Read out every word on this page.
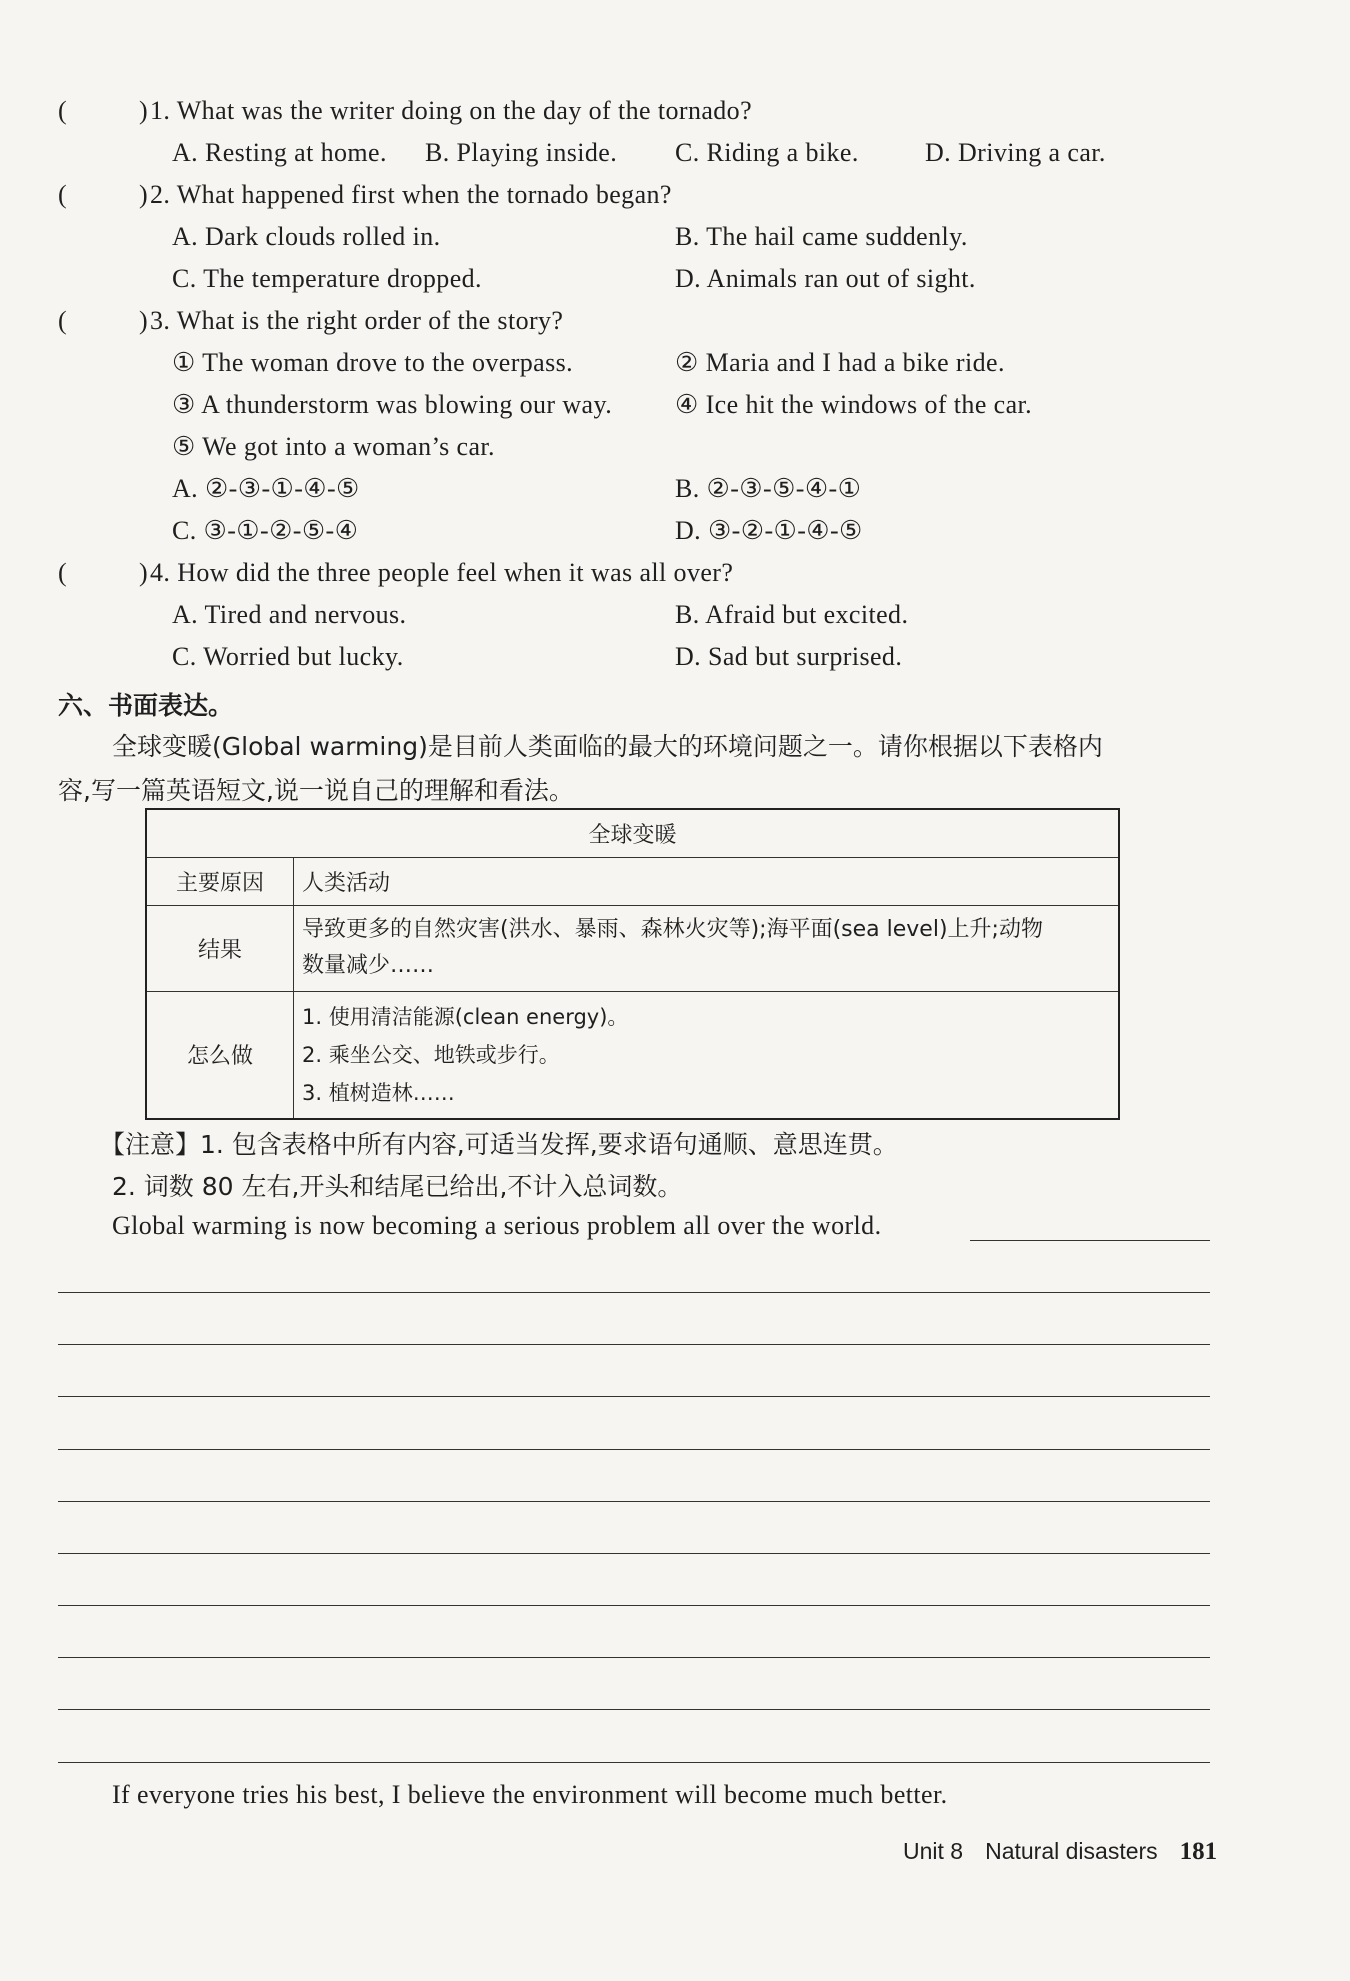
(	) 1. What was the writer doing on the day of the tornado?
A. Resting at home. B. Playing inside. C. Riding a bike.	D. Driving a car.
(	) 2. What happened first when the tornado began?
A. Dark clouds rolled in.	B. The hail came suddenly.
C. The temperature dropped.	D. Animals ran out of sight.
(	) 3. What is the right order of the story?
① The woman drove to the overpass.	② Maria and I had a bike ride.
③ A thunderstorm was blowing our way. ④ Ice hit the windows of the car.
⑤ We got into a woman’s car.
A. ②-③-①-④-⑤	B. ②-③-⑤-④-①
C. ③-①-②-⑤-④	D. ③-②-①-④-⑤
(	) 4. How did the three people feel when it was all over?
A. Tired and nervous.	B. Afraid but excited.
C. Worried but lucky.	D. Sad but surprised.
六、书面表达。
全球变暖(Global warming)是目前人类面临的最大的环境问题之一。请你根据以下表格内
容,写一篇英语短文,说一说自己的理解和看法。
全球变暖	
主要原因	人类活动
结果	导致更多的自然灾害(洪水、暴雨、森林火灾等);海平面(sea level)上升;动物
数量减少……

怎么做	1. 使用清洁能源(clean energy)。
2. 乘坐公交、地铁或步行。
3. 植树造林……
【注意】1. 包含表格中所有内容,可适当发挥,要求语句通顺、意思连贯。
2. 词数 80 左右,开头和结尾已给出,不计入总词数。
Global warming is now becoming a serious problem all over the world.
If everyone tries his best, I believe the environment will become much better.
Unit 8 Natural disasters 181
